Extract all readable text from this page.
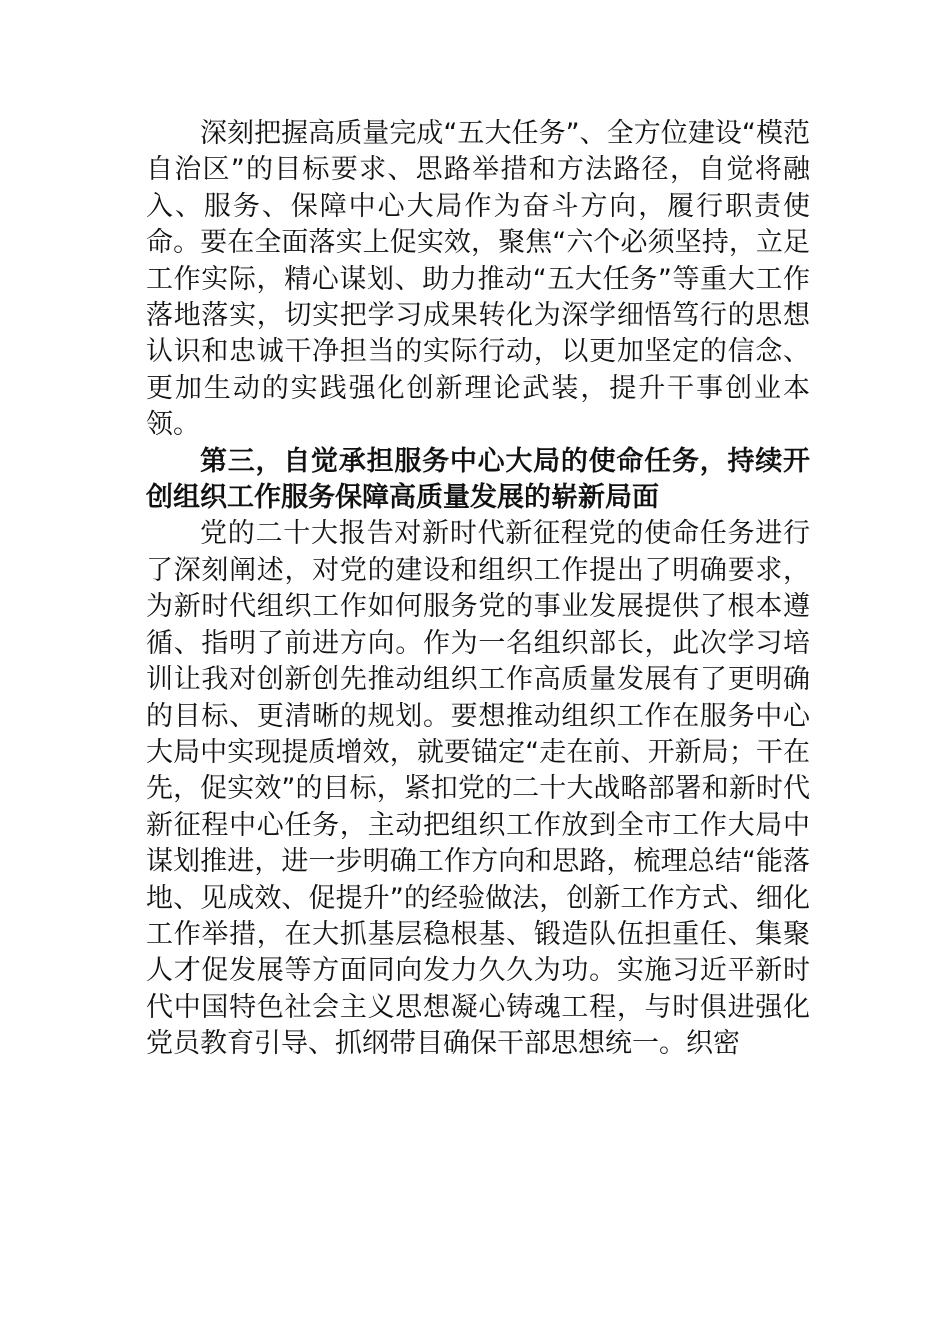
深刻把握高质量完成“五大任务”、全方位建设“模范自治区”的目标要求、思路举措和方法路径，自觉将融入、服务、保障中心大局作为奋斗方向，履行职责使命。要在全面落实上促实效，聚焦“六个必须坚持，立足工作实际，精心谋划、助力推动“五大任务”等重大工作落地落实，切实把学习成果转化为深学细悟笃行的思想认识和忠诚干净担当的实际行动，以更加坚定的信念、更加生动的实践强化创新理论武装，提升干事创业本领。

第三，自觉承担服务中心大局的使命任务，持续开创组织工作服务保障高质量发展的崭新局面

党的二十大报告对新时代新征程党的使命任务进行了深刻阐述，对党的建设和组织工作提出了明确要求，为新时代组织工作如何服务党的事业发展提供了根本遵循、指明了前进方向。作为一名组织部长，此次学习培训让我对创新创先推动组织工作高质量发展有了更明确的目标、更清晰的规划。要想推动组织工作在服务中心大局中实现提质增效，就要锚定“走在前、开新局；干在先，促实效”的目标，紧扣党的二十大战略部署和新时代新征程中心任务，主动把组织工作放到全市工作大局中谋划推进，进一步明确工作方向和思路，梳理总结“能落地、见成效、促提升”的经验做法，创新工作方式、细化工作举措，在大抓基层稳根基、锻造队伍担重任、集聚人才促发展等方面同向发力久久为功。实施习近平新时代中国特色社会主义思想凝心铸魂工程，与时俱进强化党员教育引导、抓纲带目确保干部思想统一。织密
